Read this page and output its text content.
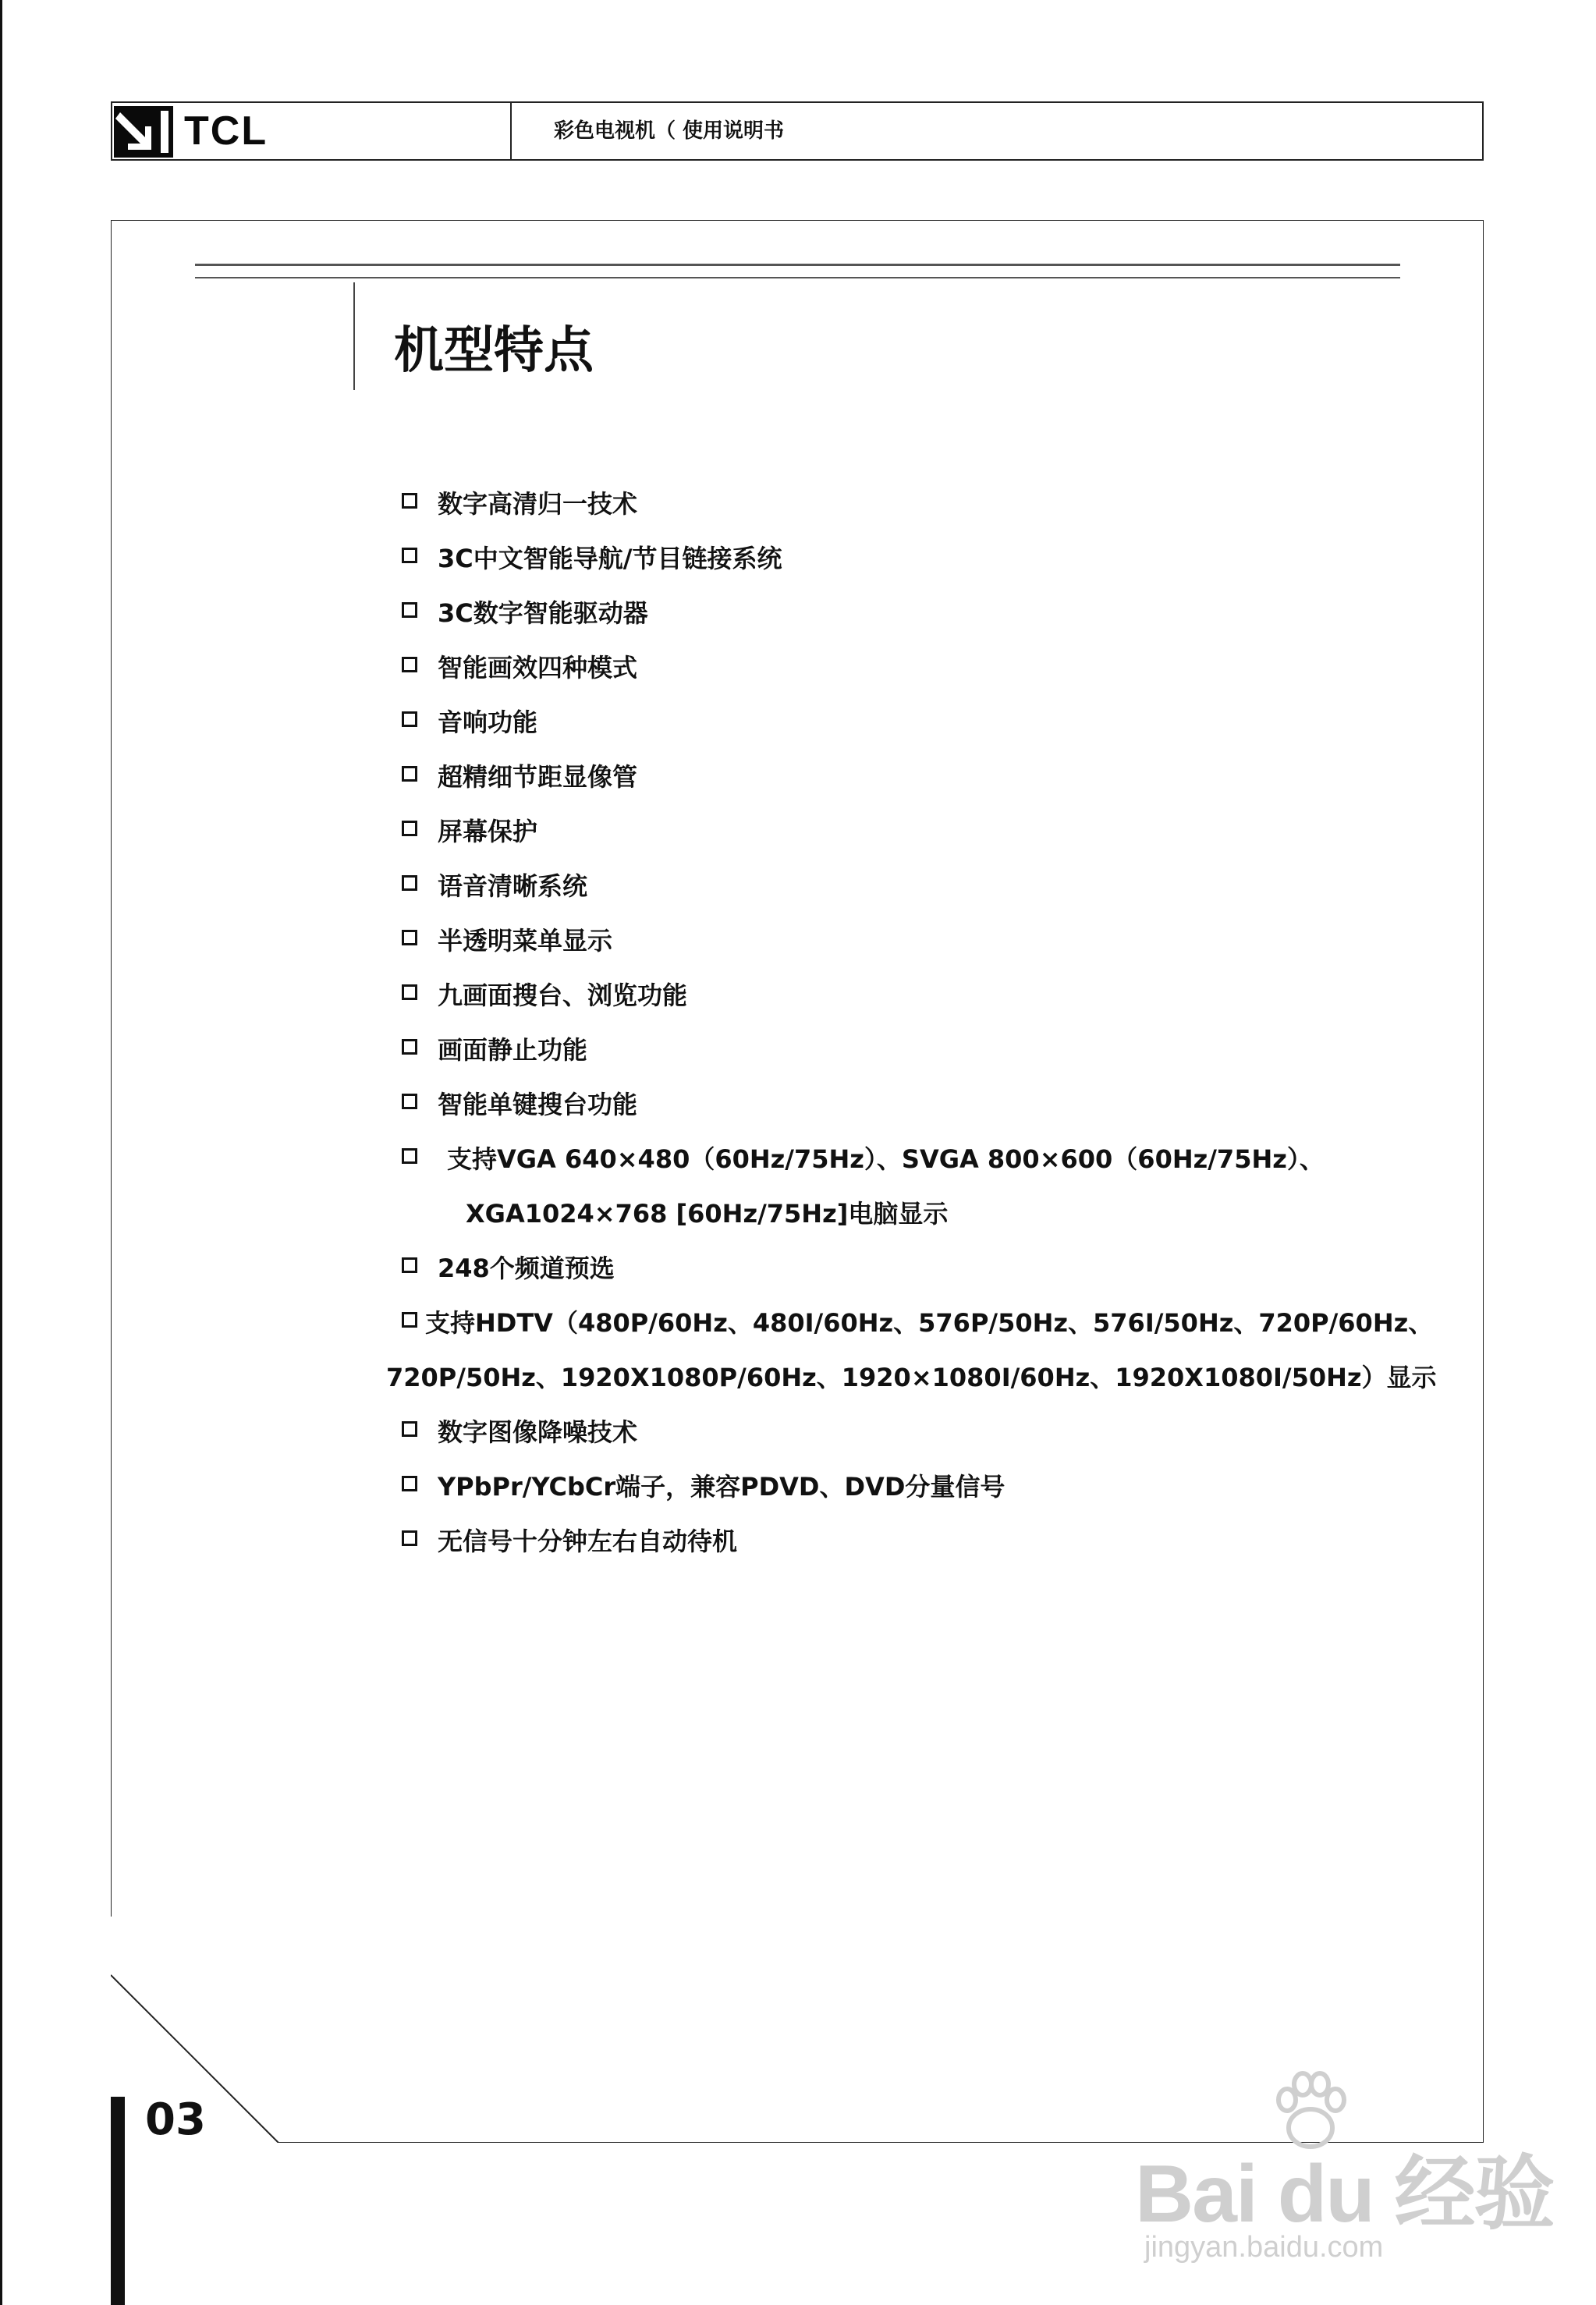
TCL	彩色电视机（ 使用说明书
机型特点
数字高清归一技术
3C中文智能导航/节目链接系统
3C数字智能驱动器
智能画效四种模式
音响功能
超精细节距显像管
屏幕保护
语音清晰系统
半透明菜单显示
九画面搜台、浏览功能
画面静止功能
智能单键搜台功能
支持VGA 640×480（60Hz/75Hz）、SVGA 800×600（60Hz/75Hz）、
XGA1024×768 [60Hz/75Hz]电脑显示
248个频道预选
支持HDTV（480P/60Hz、480I/60Hz、576P/50Hz、576I/50Hz、720P/60Hz、
720P/50Hz、1920X1080P/60Hz、1920×1080I/60Hz、1920X1080I/50Hz）显示
数字图像降噪技术
YPbPr/YCbCr端子，兼容PDVD、DVD分量信号
无信号十分钟左右自动待机
03
Bai du 经验
jingyan.baidu.com
